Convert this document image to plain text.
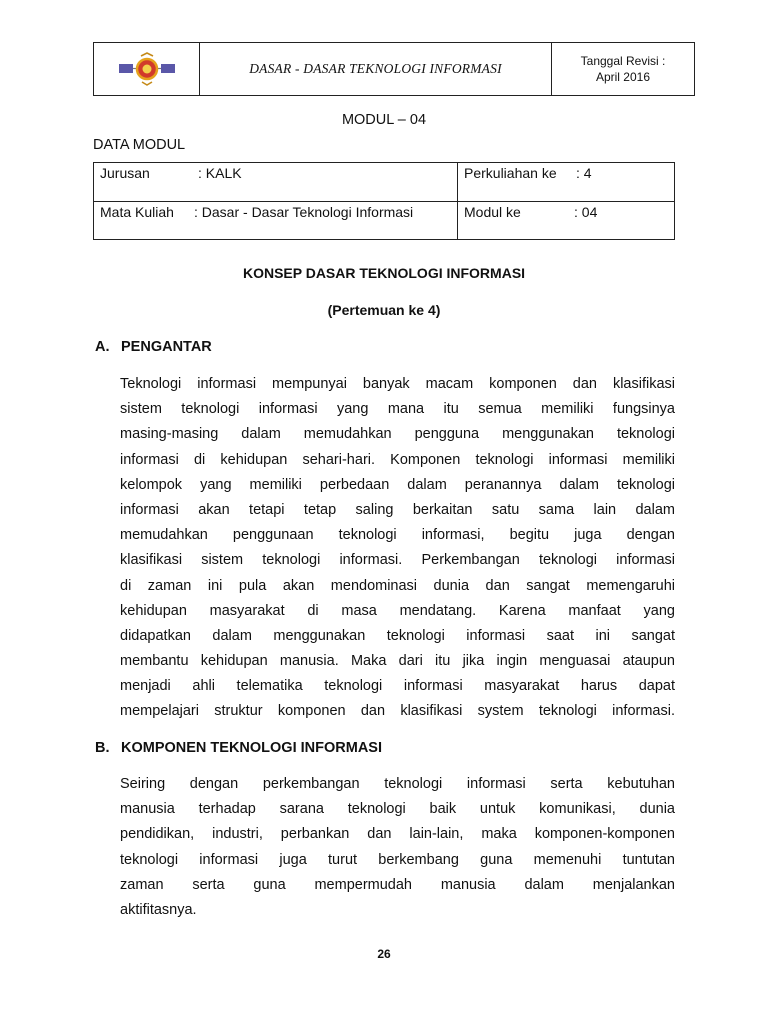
DASAR - DASAR TEKNOLOGI INFORMASI	Tanggal Revisi :
April 2016
MODUL – 04
DATA MODUL
Jurusan	: KALK	Perkuliahan ke : 4
Mata Kuliah : Dasar - Dasar Teknologi Informasi	Modul ke	: 04
KONSEP DASAR TEKNOLOGI INFORMASI
(Pertemuan ke 4)
A. PENGANTAR
Teknologi informasi mempunyai banyak macam komponen dan klasifikasi
sistem teknologi informasi yang mana itu semua memiliki fungsinya
masing-masing dalam memudahkan pengguna menggunakan teknologi
informasi di kehidupan sehari-hari. Komponen teknologi informasi memiliki
kelompok yang memiliki perbedaan dalam peranannya dalam teknologi
informasi akan tetapi tetap saling berkaitan satu sama lain dalam
memudahkan penggunaan teknologi informasi, begitu juga dengan
klasifikasi sistem teknologi informasi. Perkembangan teknologi informasi
di zaman ini pula akan mendominasi dunia dan sangat memengaruhi
kehidupan masyarakat di masa mendatang. Karena manfaat yang
didapatkan dalam menggunakan teknologi informasi saat ini sangat
membantu kehidupan manusia. Maka dari itu jika ingin menguasai ataupun
menjadi ahli telematika teknologi informasi masyarakat harus dapat
mempelajari struktur komponen dan klasifikasi system teknologi informasi.
B. KOMPONEN TEKNOLOGI INFORMASI
Seiring dengan perkembangan teknologi informasi serta kebutuhan
manusia terhadap sarana teknologi baik untuk komunikasi, dunia
pendidikan, industri, perbankan dan lain-lain, maka komponen-komponen
teknologi informasi juga turut berkembang guna memenuhi tuntutan
zaman serta guna mempermudah manusia dalam menjalankan
aktifitasnya.
26
